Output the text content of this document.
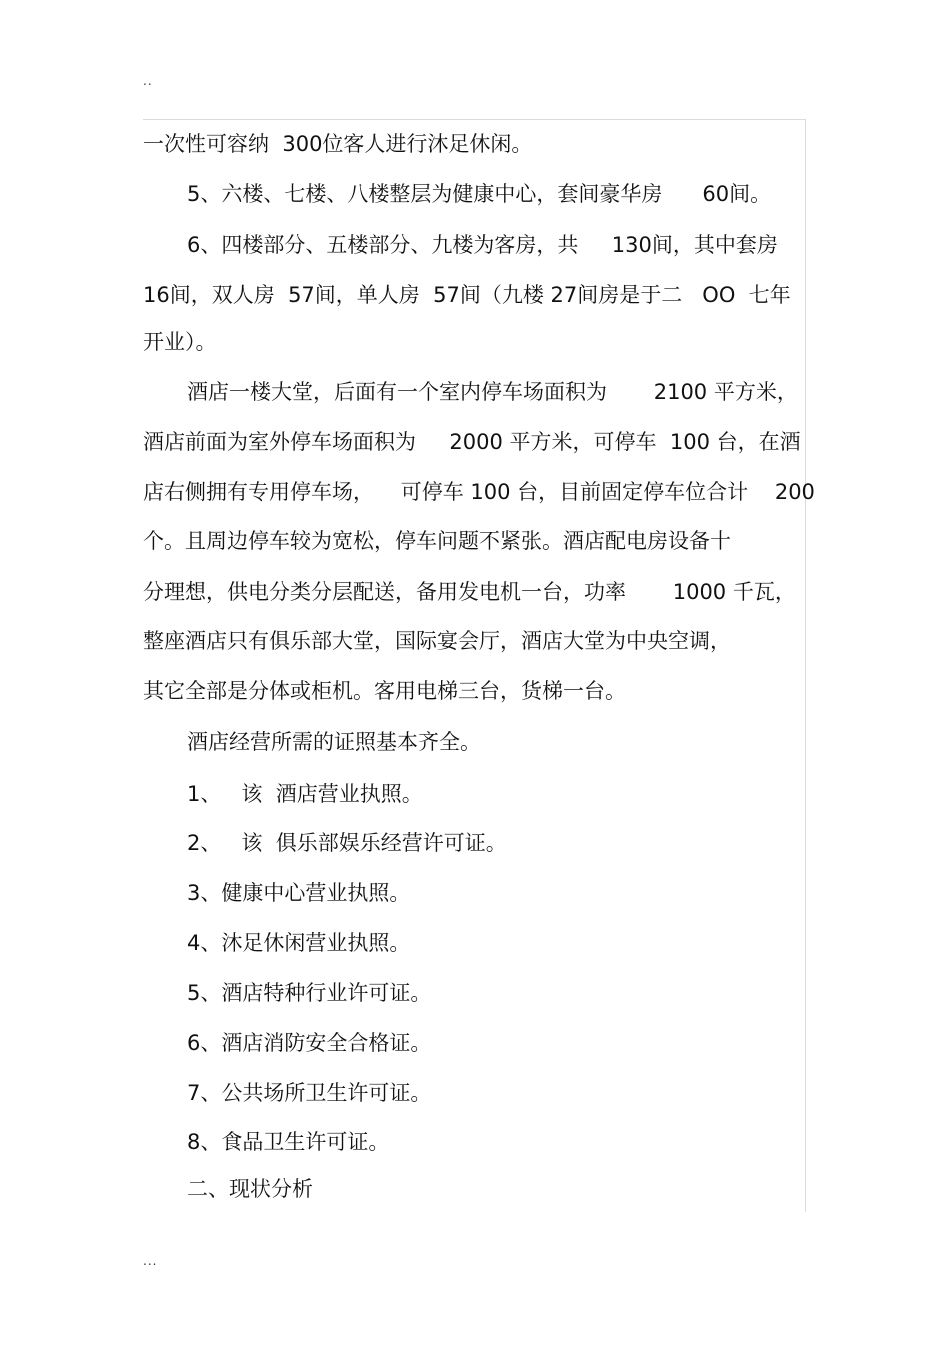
..
一次性可容纳  300位客人进行沐足休闲。
5、六楼、七楼、八楼整层为健康中心，套间豪华房      60间。
6、四楼部分、五楼部分、九楼为客房，共     130间，其中套房
16间，双人房  57间，单人房  57间（九楼 27间房是于二   OO  七年
开业）。
酒店一楼大堂，后面有一个室内停车场面积为       2100 平方米，
酒店前面为室外停车场面积为     2000 平方米，可停车  100 台，在酒
店右侧拥有专用停车场，    可停车 100 台，目前固定停车位合计    200
个。且周边停车较为宽松，停车问题不紧张。酒店配电房设备十
分理想，供电分类分层配送，备用发电机一台，功率       1000 千瓦，
整座酒店只有俱乐部大堂，国际宴会厅，酒店大堂为中央空调，
其它全部是分体或柜机。客用电梯三台，货梯一台。
酒店经营所需的证照基本齐全。
1、   该  酒店营业执照。
2、   该  俱乐部娱乐经营许可证。
3、健康中心营业执照。
4、沐足休闲营业执照。
5、酒店特种行业许可证。
6、酒店消防安全合格证。
7、公共场所卫生许可证。
8、食品卫生许可证。
二、现状分析
...
